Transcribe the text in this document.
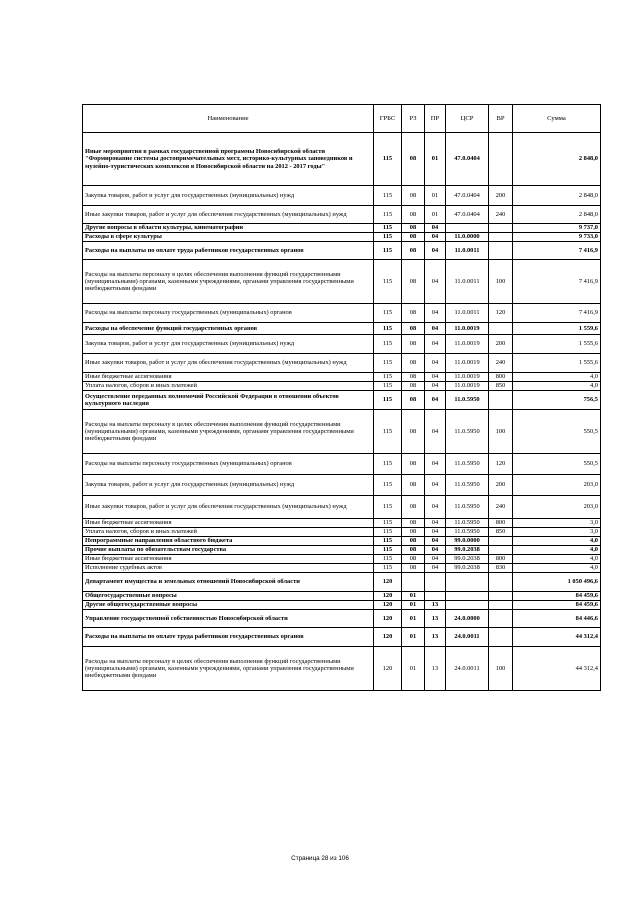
Наименование	ГРБС	РЗ	ПР	ЦСР	ВР	Сумма
Иные мероприятия в рамках государственной программы Новосибирской области "Формирование системы достопримечательных мест, историко-культурных заповедников и музейно-туристических комплексов в Новосибирской области на 2012 - 2017 годы"	115	08	01	47.0.0404		2 848,0
Закупка товаров, работ и услуг для государственных (муниципальных) нужд	115	08	01	47.0.0404	200	2 848,0
Иные закупки товаров, работ и услуг для обеспечения государственных (муниципальных) нужд	115	08	01	47.0.0404	240	2 848,0
Другие вопросы в области культуры, кинематографии	115	08	04			9 737,0
Расходы в сфере культуры	115	08	04	11.0.0000		9 733,0
Расходы на выплаты по оплате труда работников государственных органов	115	08	04	11.0.0011		7 416,9
Расходы на выплаты персоналу в целях обеспечения выполнения функций государственными (муниципальными) органами, казенными учреждениями, органами управления государственными внебюджетными фондами	115	08	04	11.0.0011	100	7 416,9
Расходы на выплаты персоналу государственных (муниципальных) органов	115	08	04	11.0.0011	120	7 416,9
Расходы на обеспечение функций государственных органов	115	08	04	11.0.0019		1 559,6
Закупка товаров, работ и услуг для государственных (муниципальных) нужд	115	08	04	11.0.0019	200	1 555,6
Иные закупки товаров, работ и услуг для обеспечения государственных (муниципальных) нужд	115	08	04	11.0.0019	240	1 555,6
Иные бюджетные ассигнования	115	08	04	11.0.0019	800	4,0
Уплата налогов, сборов и иных платежей	115	08	04	11.0.0019	850	4,0
Осуществление переданных полномочий Российской Федерации в отношении объектов культурного наследия	115	08	04	11.0.5950		756,5
Расходы на выплаты персоналу в целях обеспечения выполнения функций государственными (муниципальными) органами, казенными учреждениями, органами управления государственными внебюджетными фондами	115	08	04	11.0.5950	100	550,5
Расходы на выплаты персоналу государственных (муниципальных) органов	115	08	04	11.0.5950	120	550,5
Закупка товаров, работ и услуг для государственных (муниципальных) нужд	115	08	04	11.0.5950	200	203,0
Иные закупки товаров, работ и услуг для обеспечения государственных (муниципальных) нужд	115	08	04	11.0.5950	240	203,0
Иные бюджетные ассигнования	115	08	04	11.0.5950	800	3,0
Уплата налогов, сборов и иных платежей	115	08	04	11.0.5950	850	3,0
Непрограммные направления областного бюджета	115	08	04	99.0.0000		4,0
Прочие выплаты по обязательствам государства	115	08	04	99.0.2038		4,0
Иные бюджетные ассигнования	115	08	04	99.0.2038	800	4,0
Исполнение судебных актов	115	08	04	99.0.2038	830	4,0
Департамент имущества и земельных отношений Новосибирской области	120					1 050 496,6
Общегосударственные вопросы	120	01				84 459,6
Другие общегосударственные вопросы	120	01	13			84 459,6
Управление государственной собственностью Новосибирской области	120	01	13	24.0.0000		84 446,6
Расходы на выплаты по оплате труда работников государственных органов	120	01	13	24.0.0011		44 312,4
Расходы на выплаты персоналу в целях обеспечения выполнения функций государственными (муниципальными) органами, казенными учреждениями, органами управления государственными внебюджетными фондами	120	01	13	24.0.0011	100	44 312,4
Страница 28 из 106
